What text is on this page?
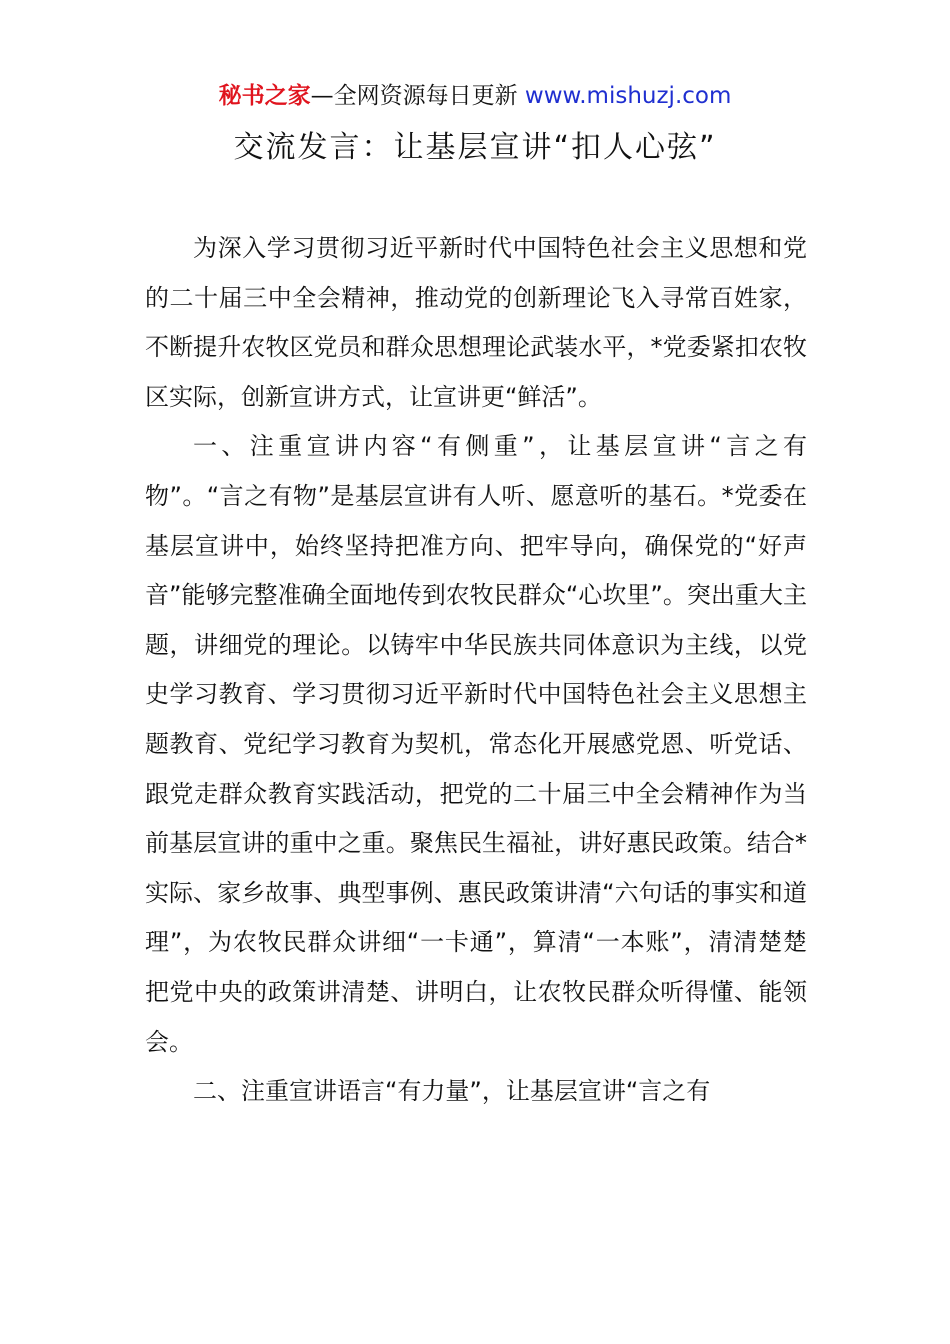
秘书之家—全网资源每日更新 www.mishuzj.com
交流发言：让基层宣讲“扣人心弦”

为深入学习贯彻习近平新时代中国特色社会主义思想和党的二十届三中全会精神，推动党的创新理论飞入寻常百姓家，不断提升农牧区党员和群众思想理论武装水平，*党委紧扣农牧区实际，创新宣讲方式，让宣讲更“鲜活”。

一、注重宣讲内容“有侧重”，让基层宣讲“言之有物”。“言之有物”是基层宣讲有人听、愿意听的基石。*党委在基层宣讲中，始终坚持把准方向、把牢导向，确保党的“好声音”能够完整准确全面地传到农牧民群众“心坎里”。突出重大主题，讲细党的理论。以铸牢中华民族共同体意识为主线，以党史学习教育、学习贯彻习近平新时代中国特色社会主义思想主题教育、党纪学习教育为契机，常态化开展感党恩、听党话、跟党走群众教育实践活动，把党的二十届三中全会精神作为当前基层宣讲的重中之重。聚焦民生福祉，讲好惠民政策。结合*实际、家乡故事、典型事例、惠民政策讲清“六句话的事实和道理”，为农牧民群众讲细“一卡通”，算清“一本账”，清清楚楚把党中央的政策讲清楚、讲明白，让农牧民群众听得懂、能领会。

二、注重宣讲语言“有力量”，让基层宣讲“言之有
